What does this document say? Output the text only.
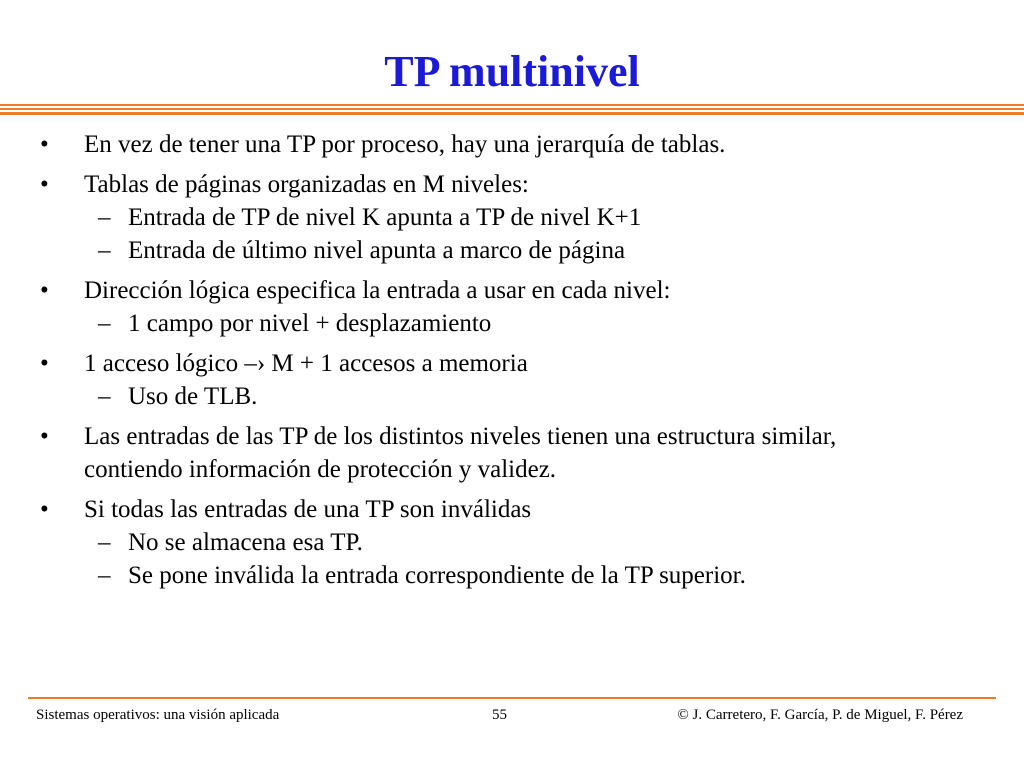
TP multinivel
•	En vez de tener una TP por proceso, hay una jerarquía de tablas.
•	Tablas de páginas organizadas en M niveles:
– Entrada de TP de nivel K apunta a TP de nivel K+1
– Entrada de último nivel apunta a marco de página
•	Dirección lógica especifica la entrada a usar en cada nivel:
– 1 campo por nivel + desplazamiento
•	1 acceso lógico –› M + 1 accesos a memoria
– Uso de TLB.
•	Las entradas de las TP de los distintos niveles tienen una estructura similar,
contiendo información de protección y validez.
•	Si todas las entradas de una TP son inválidas
– No se almacena esa TP.
– Se pone inválida la entrada correspondiente de la TP superior.
Sistemas operativos: una visión aplicada	55	© J. Carretero, F. García, P. de Miguel, F. Pérez
